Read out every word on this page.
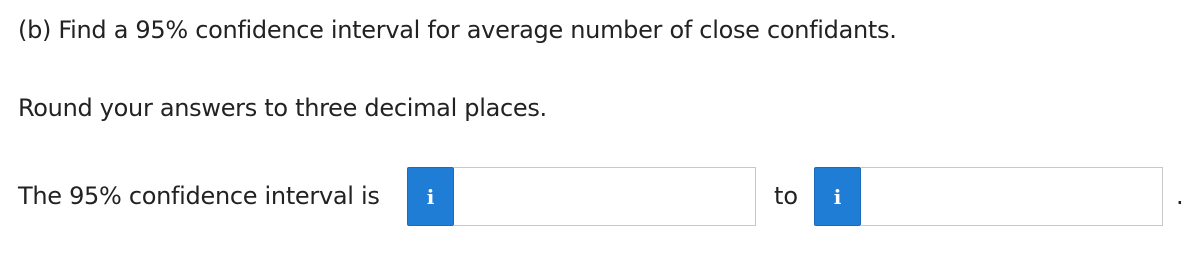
(b) Find a 95% confidence interval for average number of close confidants.
Round your answers to three decimal places.
The 95% confidence interval is	i	to	i	.
